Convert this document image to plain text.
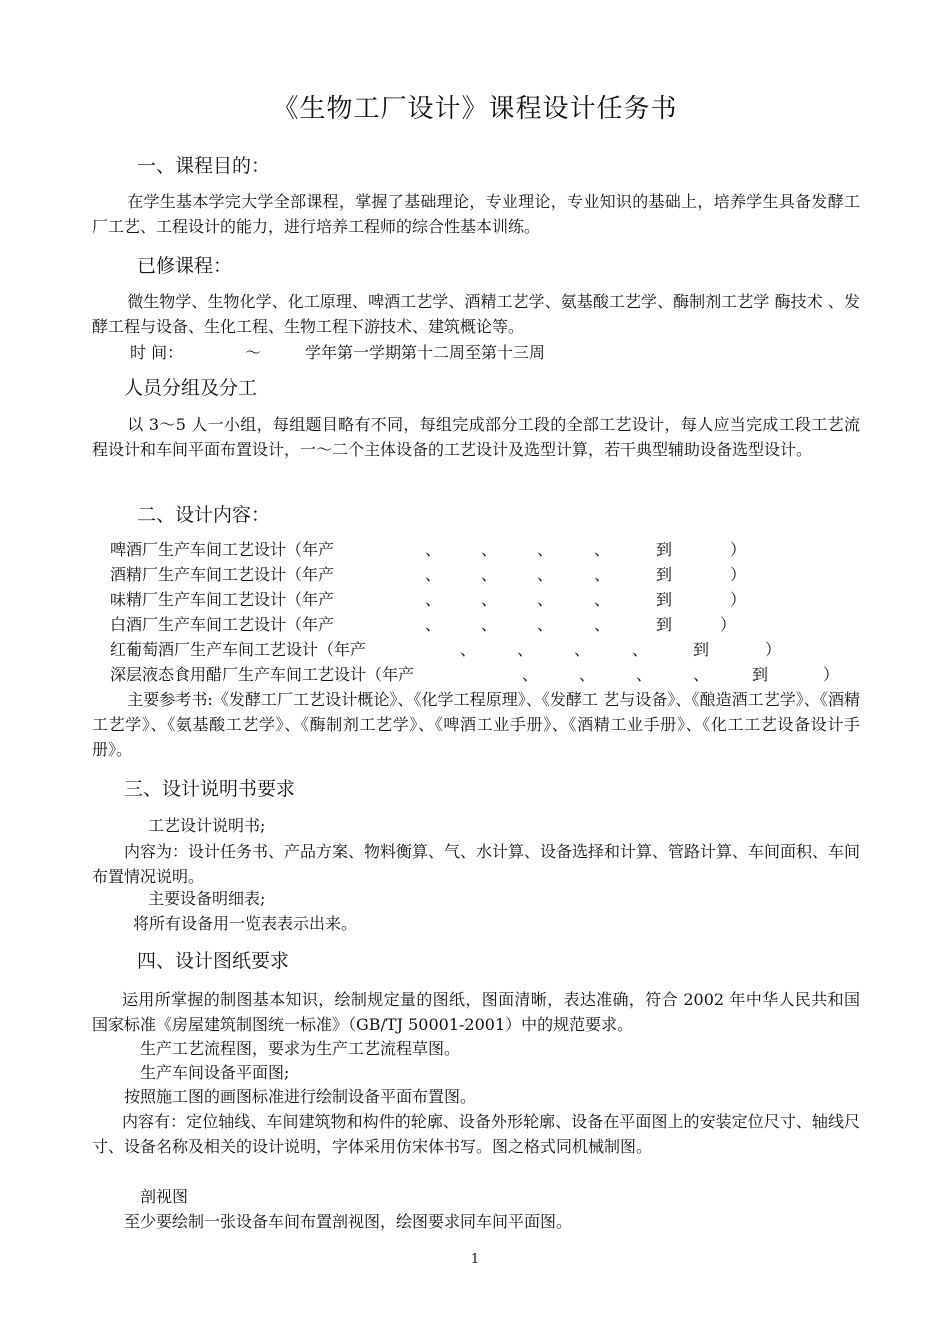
《生物工厂设计》课程设计任务书
一、课程目的：
在学生基本学完大学全部课程，掌握了基础理论，专业理论，专业知识的基础上，培养学生具备发酵工厂工艺、工程设计的能力，进行培养工程师的综合性基本训练。
已修课程：
微生物学、生物化学、化工原理、啤酒工艺学、酒精工艺学、氨基酸工艺学、酶制剂工艺学 酶技术 、发酵工程与设备、生化工程、生物工程下游技术、建筑概论等。
时 间：	～	学年第一学期第十二周至第十三周
人员分组及分工
以 3～5 人一小组，每组题目略有不同，每组完成部分工段的全部工艺设计，每人应当完成工段工艺流程设计和车间平面布置设计，一～二个主体设备的工艺设计及选型计算，若干典型辅助设备选型设计。
二、设计内容：
啤酒厂生产车间工艺设计（年产	、 、 、	、	到	）
酒精厂生产车间工艺设计（年产	、 、 、	、	到	）
味精厂生产车间工艺设计（年产	、 、 、	、	到	）
白酒厂生产车间工艺设计（年产	、 、 、	、	到	）
红葡萄酒厂生产车间工艺设计（年产	、	、	、	、	到	）
深层液态食用醋厂生产车间工艺设计（年产	、	、	、	、	到	）
主要参考书:《发酵工厂工艺设计概论》、《化学工程原理》、《发酵工 艺与设备》、《酿造酒工艺学》、《酒精工艺学》、《氨基酸工艺学》、《酶制剂工艺学》、《啤酒工业手册》、《酒精工业手册》、《化工工艺设备设计手册》。
三、设计说明书要求
工艺设计说明书;
内容为：设计任务书、产品方案、物料衡算、气、水计算、设备选择和计算、管路计算、车间面积、车间布置情况说明。
主要设备明细表;
将所有设备用一览表表示出来。
四、设计图纸要求
运用所掌握的制图基本知识，绘制规定量的图纸，图面清晰，表达准确，符合 2002 年中华人民共和国国家标准《房屋建筑制图统一标准》（GB/TJ 50001-2001）中的规范要求。
生产工艺流程图，要求为生产工艺流程草图。
生产车间设备平面图;
按照施工图的画图标准进行绘制设备平面布置图。
内容有：定位轴线、车间建筑物和构件的轮廓、设备外形轮廓、设备在平面图上的安装定位尺寸、轴线尺寸、设备名称及相关的设计说明，字体采用仿宋体书写。图之格式同机械制图。
剖视图
至少要绘制一张设备车间布置剖视图，绘图要求同车间平面图。
1
